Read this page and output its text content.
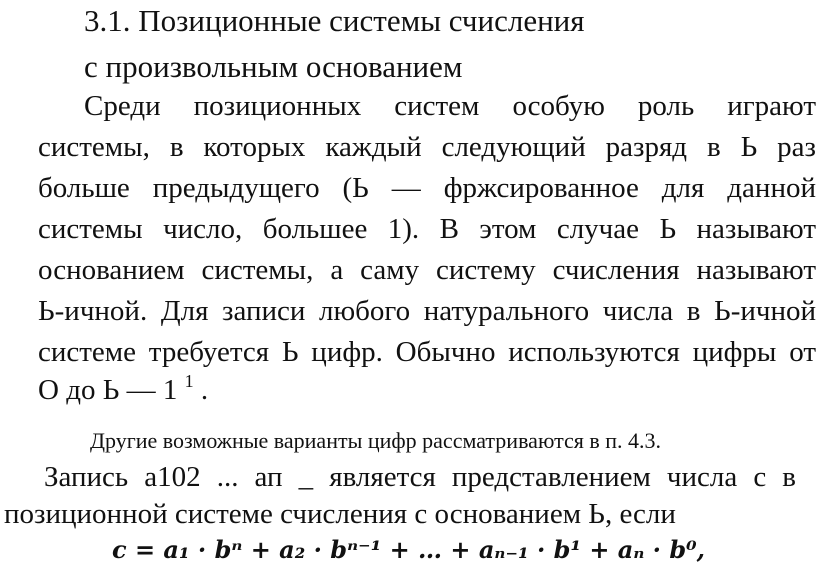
3.1. Позиционные системы счисления
с произвольным основанием
Среди позиционных систем особую роль играют
системы, в которых каждый следующий разряд в Ь раз
больше предыдущего (Ь — фржсированное для данной
системы число, большее 1). В этом случае Ь называют
основанием системы, а саму систему счисления называют
Ь-ичной. Для записи любого натурального числа в Ь-ичной
системе требуется Ь цифр. Обычно используются цифры от
О до Ь — 1 $^1$ .
Другие возможные варианты цифр рассматриваются в п. 4.3.
Запись а102 ... ап _ является представлением числа с в
позиционной системе счисления с основанием Ь, если
c = a₁ · bⁿ + a₂ · bⁿ⁻¹ + … + aₙ₋₁ · b¹ + aₙ · b⁰,
